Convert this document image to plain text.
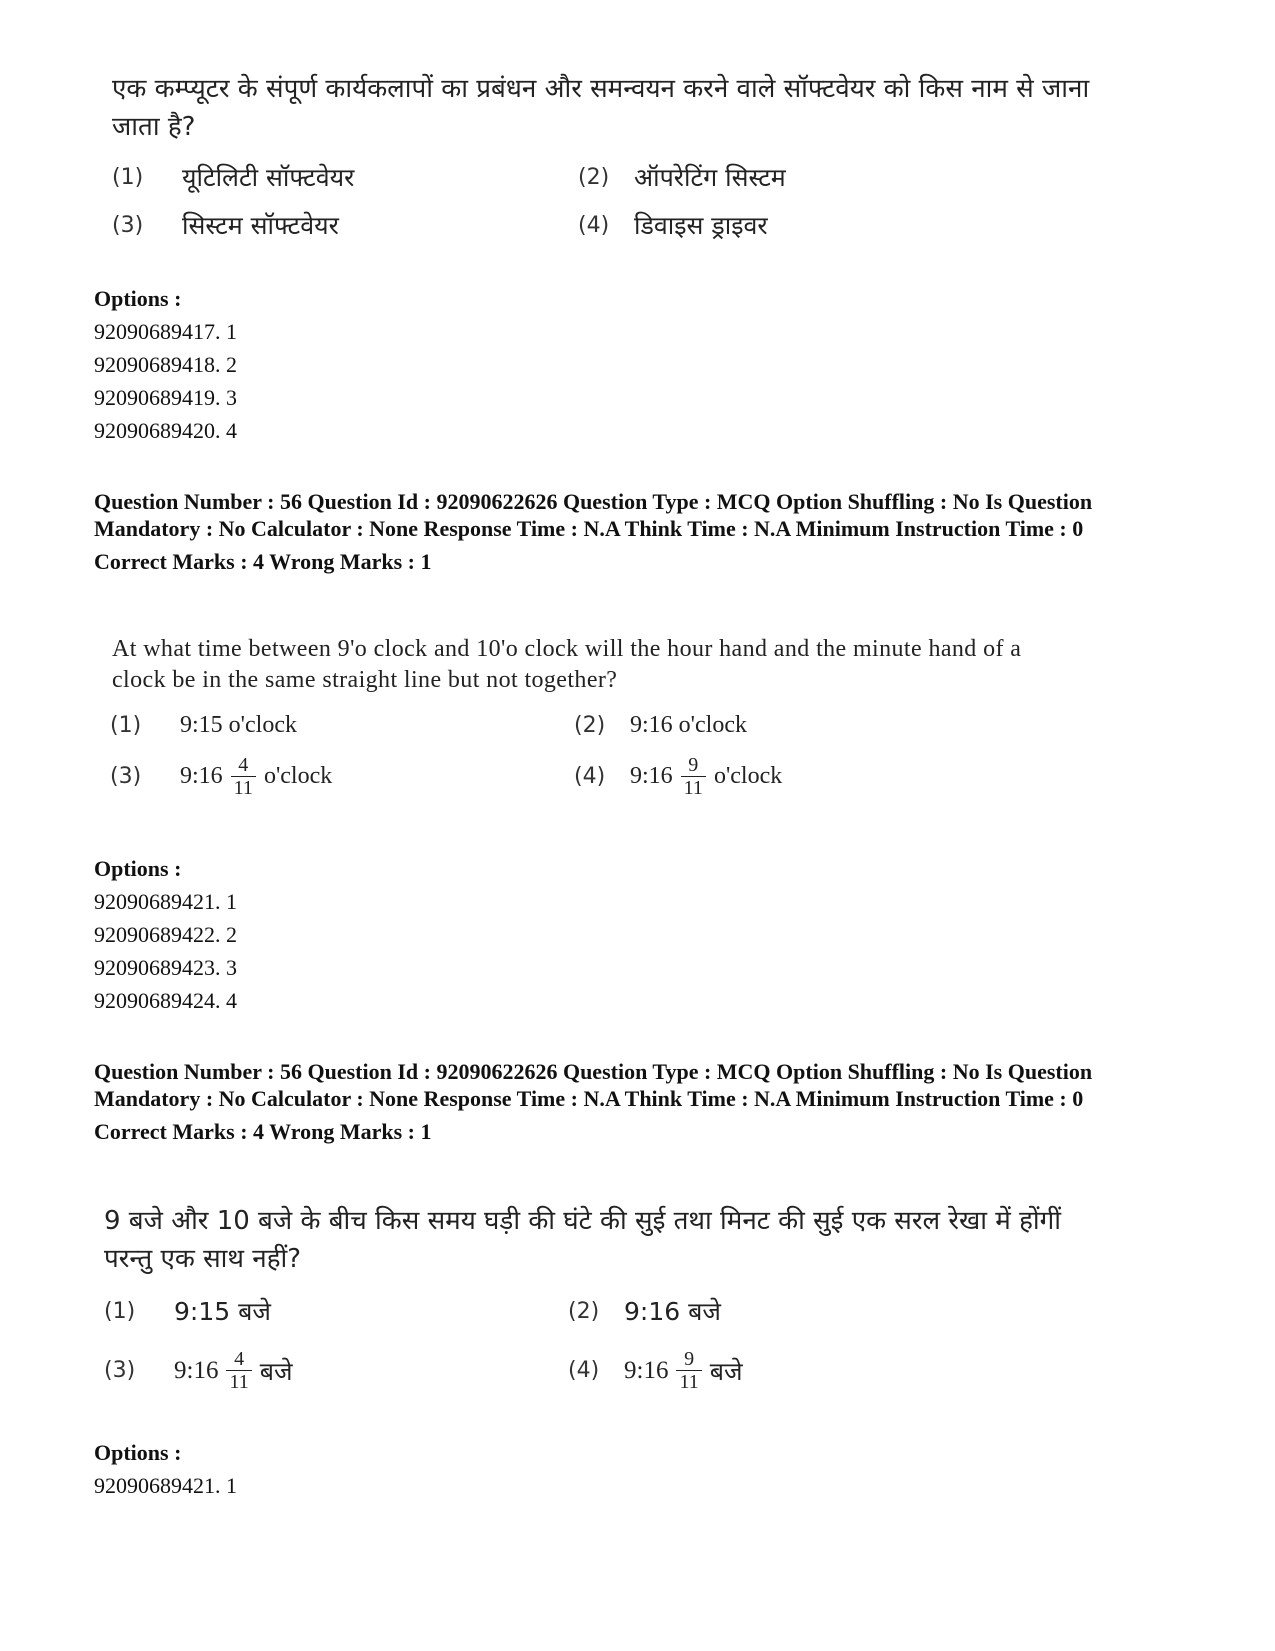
एक कम्प्यूटर के संपूर्ण कार्यकलापों का प्रबंधन और समन्वयन करने वाले सॉफ्टवेयर को किस नाम से जाना जाता है?
(1)	यूटिलिटी सॉफ्टवेयर	(2) ऑपरेटिंग सिस्टम
(3)	सिस्टम सॉफ्टवेयर	(4) डिवाइस ड्राइवर
Options :
92090689417. 1
92090689418. 2
92090689419. 3
92090689420. 4
Question Number : 56 Question Id : 92090622626 Question Type : MCQ Option Shuffling : No Is Question Mandatory : No Calculator : None Response Time : N.A Think Time : N.A Minimum Instruction Time : 0
Correct Marks : 4 Wrong Marks : 1
At what time between 9'o clock and 10'o clock will the hour hand and the minute hand of a clock be in the same straight line but not together?
(1)	9:15 o'clock	(2)	9:16 o'clock
(3)	9:16 $\frac{4}{11}$ o'clock	(4)	9:16 $\frac{9}{11}$ o'clock
Options :
92090689421. 1
92090689422. 2
92090689423. 3
92090689424. 4
Question Number : 56 Question Id : 92090622626 Question Type : MCQ Option Shuffling : No Is Question Mandatory : No Calculator : None Response Time : N.A Think Time : N.A Minimum Instruction Time : 0
Correct Marks : 4 Wrong Marks : 1
9 बजे और 10 बजे के बीच किस समय घड़ी की घंटे की सुई तथा मिनट की सुई एक सरल रेखा में होंगीं परन्तु एक साथ नहीं?
(1)	9:15 बजे	(2) 9:16 बजे
(3)	9:16 $\frac{4}{11}$ बजे	(4) 9:16 $\frac{9}{11}$ बजे
Options :
92090689421. 1
